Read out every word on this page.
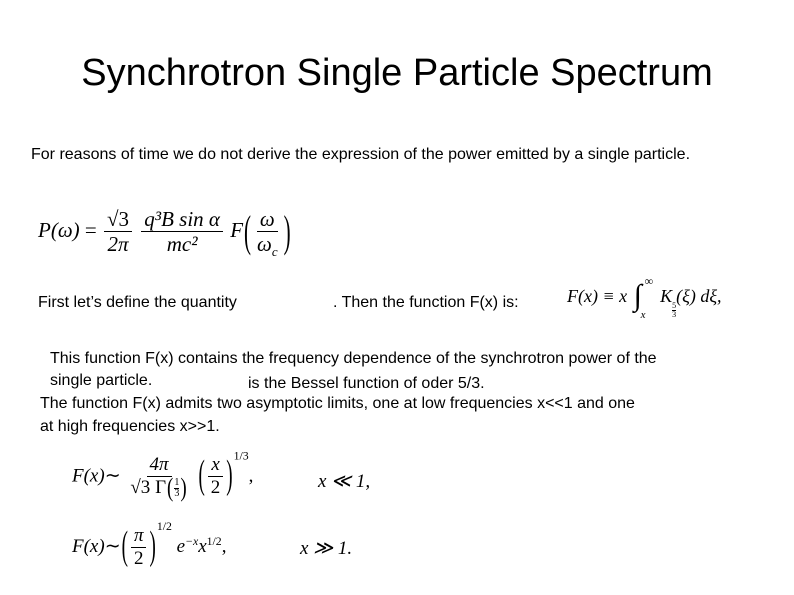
Synchrotron Single Particle Spectrum
For reasons of time we do not derive the expression of the power emitted by a single particle.
$P(\omega) = \frac{√3}{2\pi}$
$\frac{\text{q³B sin α}}{\text{mc²}} F( \frac{\omega}{\omega_c}$ )
First let’s define the quantity	. Then the function F(x) is:	F(x) ≡ x ∫ ∞
x
K
$\frac{5}{3}$
(ξ) dξ,
This function F(x) contains the frequency dependence of the synchrotron power of the
single particle.	is the Bessel function of oder 5/3.
The function F(x) admits two asymptotic limits, one at low frequencies x<<1 and one
at high frequencies x>>1.
F(x)∼ $\frac{4\pi}{√3 \Gamma( \frac{1}{3} )}$ ( $\frac{x}{2} )^{1/3}$,	x ≪ 1,
F(x)∼( $\frac{\pi}{2} )^{1/2}$ $e^{-x}x^{1/2}$,	x ≫ 1.
